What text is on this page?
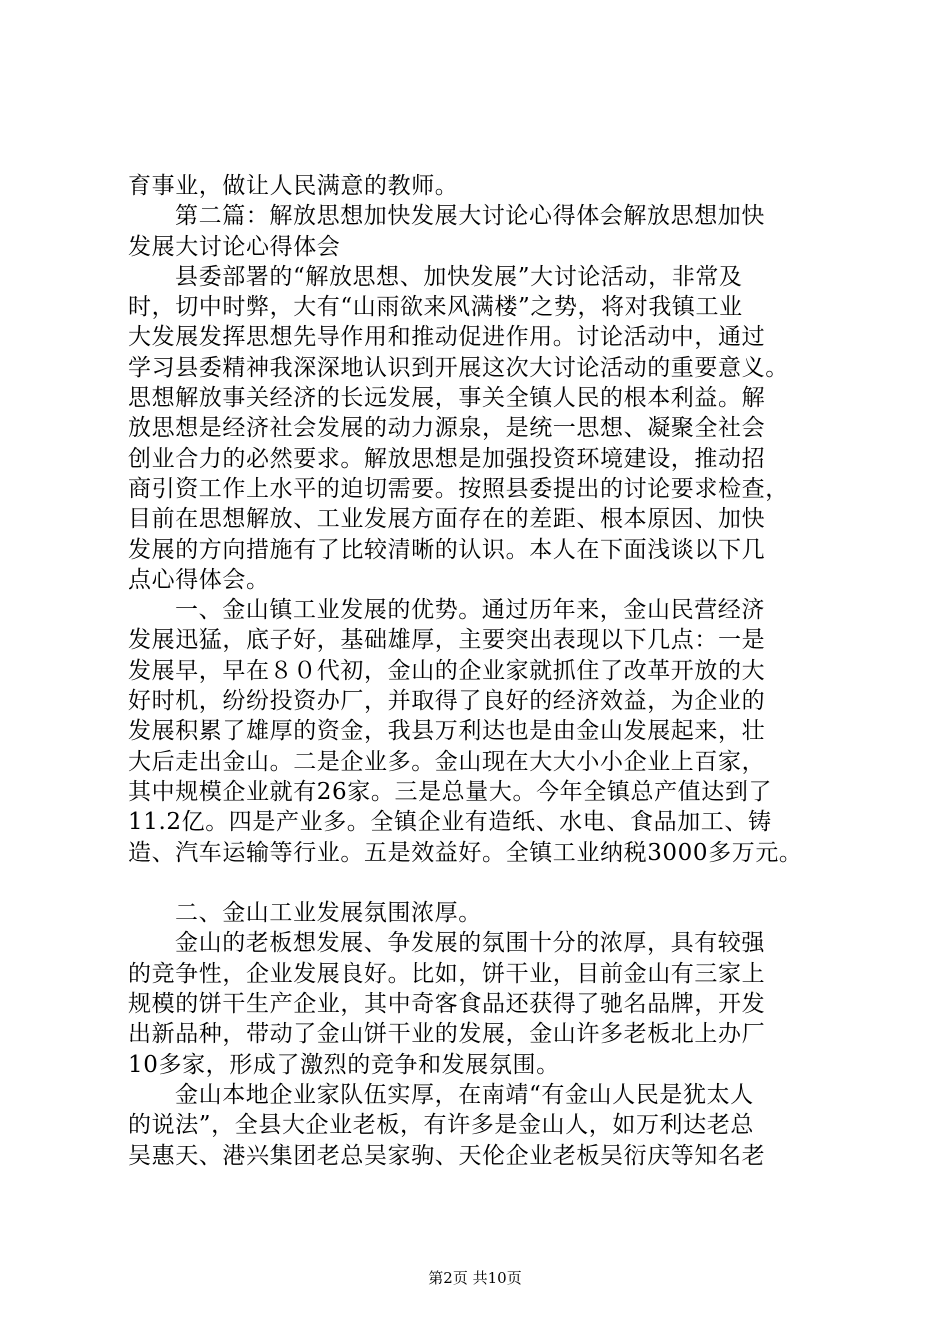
育事业，做让人民满意的教师。
第二篇：解放思想加快发展大讨论心得体会解放思想加快
发展大讨论心得体会
县委部署的“解放思想、加快发展”大讨论活动，非常及
时，切中时弊，大有“山雨欲来风满楼”之势，将对我镇工业
大发展发挥思想先导作用和推动促进作用。讨论活动中，通过
学习县委精神我深深地认识到开展这次大讨论活动的重要意义。
思想解放事关经济的长远发展，事关全镇人民的根本利益。解
放思想是经济社会发展的动力源泉，是统一思想、凝聚全社会
创业合力的必然要求。解放思想是加强投资环境建设，推动招
商引资工作上水平的迫切需要。按照县委提出的讨论要求检查，
目前在思想解放、工业发展方面存在的差距、根本原因、加快
发展的方向措施有了比较清晰的认识。本人在下面浅谈以下几
点心得体会。
一、金山镇工业发展的优势。通过历年来，金山民营经济
发展迅猛，底子好，基础雄厚，主要突出表现以下几点：一是
发展早，早在８０代初，金山的企业家就抓住了改革开放的大
好时机，纷纷投资办厂，并取得了良好的经济效益，为企业的
发展积累了雄厚的资金，我县万利达也是由金山发展起来，壮
大后走出金山。二是企业多。金山现在大大小小企业上百家，
其中规模企业就有26家。三是总量大。今年全镇总产值达到了
11.2亿。四是产业多。全镇企业有造纸、水电、食品加工、铸
造、汽车运输等行业。五是效益好。全镇工业纳税3000多万元。
二、金山工业发展氛围浓厚。
金山的老板想发展、争发展的氛围十分的浓厚，具有较强
的竞争性，企业发展良好。比如，饼干业，目前金山有三家上
规模的饼干生产企业，其中奇客食品还获得了驰名品牌，开发
出新品种，带动了金山饼干业的发展，金山许多老板北上办厂
10多家，形成了激烈的竞争和发展氛围。
金山本地企业家队伍实厚，在南靖“有金山人民是犹太人
的说法”，全县大企业老板，有许多是金山人，如万利达老总
吴惠天、港兴集团老总吴家驹、天伦企业老板吴衍庆等知名老
第2页 共10页
